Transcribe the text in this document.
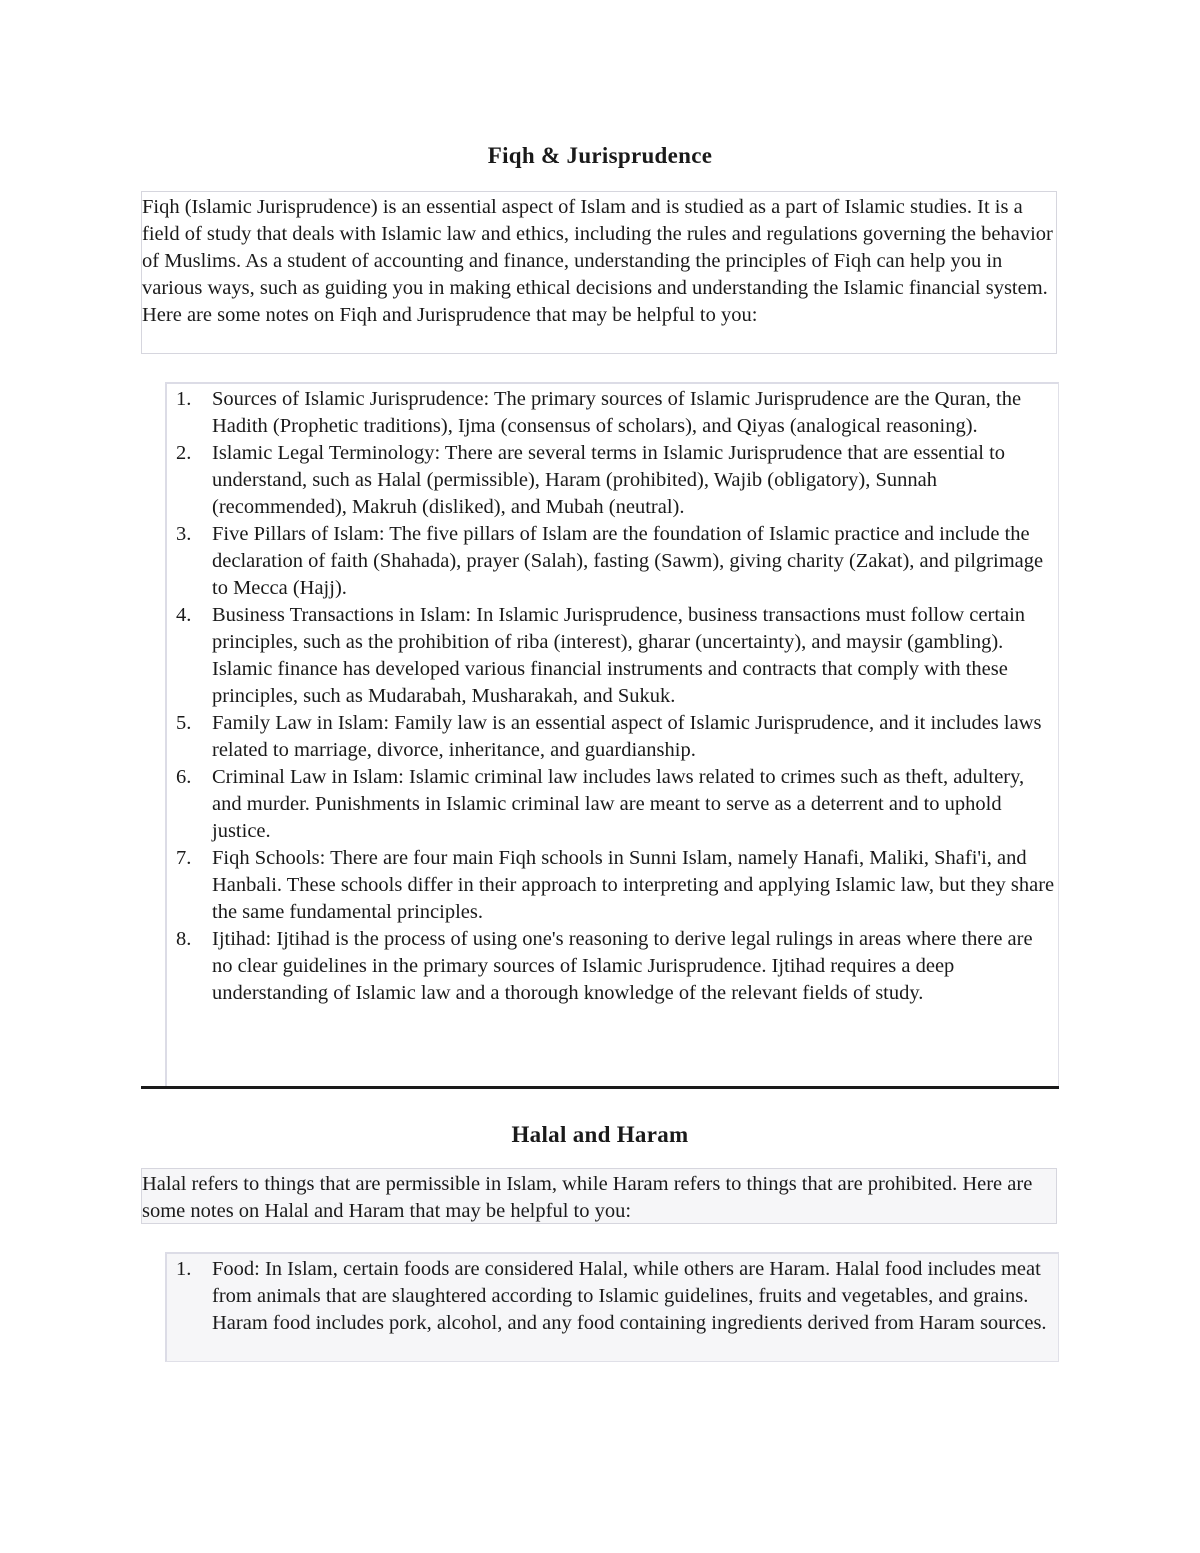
Fiqh & Jurisprudence

Fiqh (Islamic Jurisprudence) is an essential aspect of Islam and is studied as a part of Islamic studies. It is a field of study that deals with Islamic law and ethics, including the rules and regulations governing the behavior of Muslims. As a student of accounting and finance, understanding the principles of Fiqh can help you in various ways, such as guiding you in making ethical decisions and understanding the Islamic financial system. Here are some notes on Fiqh and Jurisprudence that may be helpful to you:

1. Sources of Islamic Jurisprudence: The primary sources of Islamic Jurisprudence are the Quran, the Hadith (Prophetic traditions), Ijma (consensus of scholars), and Qiyas (analogical reasoning).
2. Islamic Legal Terminology: There are several terms in Islamic Jurisprudence that are essential to understand, such as Halal (permissible), Haram (prohibited), Wajib (obligatory), Sunnah (recommended), Makruh (disliked), and Mubah (neutral).
3. Five Pillars of Islam: The five pillars of Islam are the foundation of Islamic practice and include the declaration of faith (Shahada), prayer (Salah), fasting (Sawm), giving charity (Zakat), and pilgrimage to Mecca (Hajj).
4. Business Transactions in Islam: In Islamic Jurisprudence, business transactions must follow certain principles, such as the prohibition of riba (interest), gharar (uncertainty), and maysir (gambling). Islamic finance has developed various financial instruments and contracts that comply with these principles, such as Mudarabah, Musharakah, and Sukuk.
5. Family Law in Islam: Family law is an essential aspect of Islamic Jurisprudence, and it includes laws related to marriage, divorce, inheritance, and guardianship.
6. Criminal Law in Islam: Islamic criminal law includes laws related to crimes such as theft, adultery, and murder. Punishments in Islamic criminal law are meant to serve as a deterrent and to uphold justice.
7. Fiqh Schools: There are four main Fiqh schools in Sunni Islam, namely Hanafi, Maliki, Shafi'i, and Hanbali. These schools differ in their approach to interpreting and applying Islamic law, but they share the same fundamental principles.
8. Ijtihad: Ijtihad is the process of using one's reasoning to derive legal rulings in areas where there are no clear guidelines in the primary sources of Islamic Jurisprudence. Ijtihad requires a deep understanding of Islamic law and a thorough knowledge of the relevant fields of study.
Halal and Haram

Halal refers to things that are permissible in Islam, while Haram refers to things that are prohibited. Here are some notes on Halal and Haram that may be helpful to you:

1. Food: In Islam, certain foods are considered Halal, while others are Haram. Halal food includes meat from animals that are slaughtered according to Islamic guidelines, fruits and vegetables, and grains. Haram food includes pork, alcohol, and any food containing ingredients derived from Haram sources.
